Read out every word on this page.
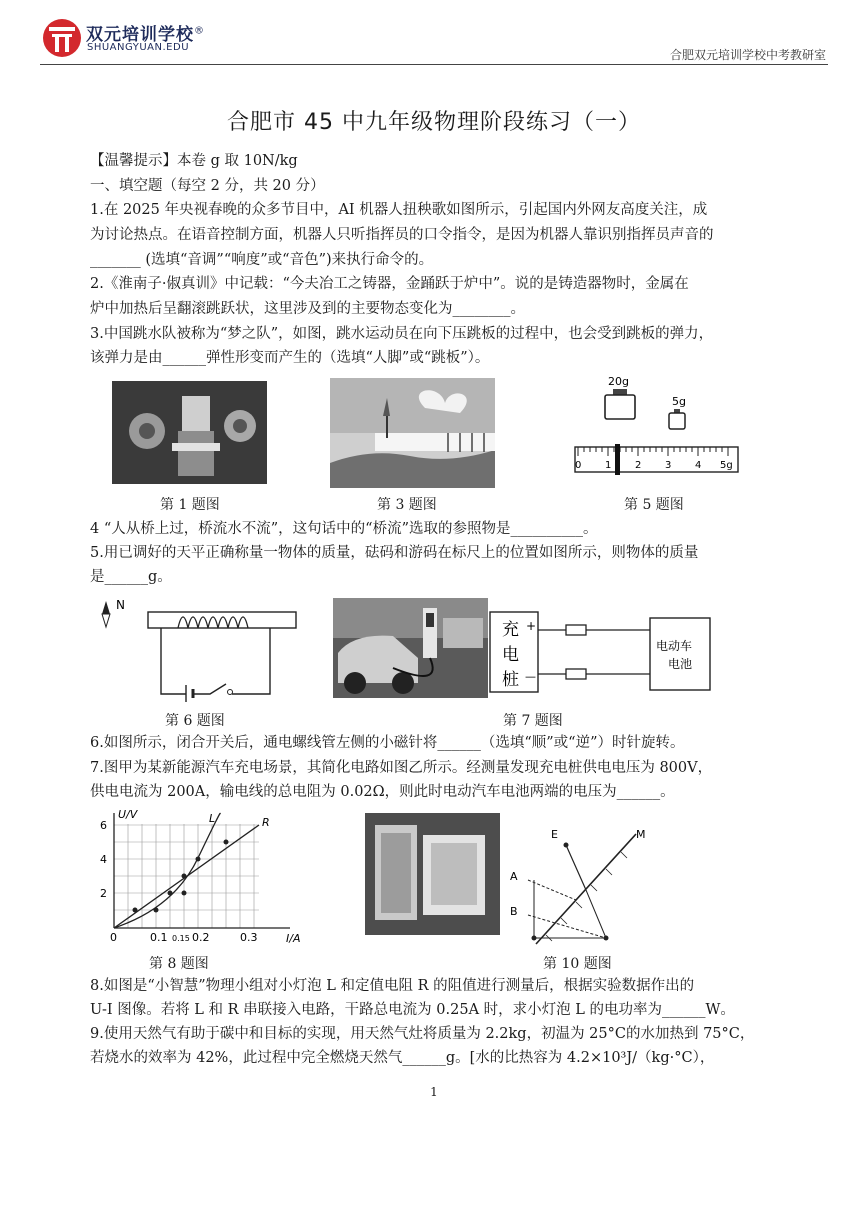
双元培训学校®
SHUANGYUAN.EDU
合肥双元培训学校中考教研室
合肥市 45 中九年级物理阶段练习（一）
【温馨提示】本卷 g 取 10N/kg
一、填空题（每空 2 分，共 20 分）
1.在 2025 年央视春晚的众多节目中，AI 机器人扭秧歌如图所示，引起国内外网友高度关注，成
为讨论热点。在语音控制方面，机器人只听指挥员的口令指令，是因为机器人靠识别指挥员声音的
_______ (选填“音调”“响度”或“音色”)来执行命令的。
2.《淮南子·俶真训》中记载：“今夫冶工之铸器，金踊跃于炉中”。说的是铸造器物时，金属在
炉中加热后呈翻滚跳跃状，这里涉及到的主要物态变化为________。
3.中国跳水队被称为“梦之队”，如图，跳水运动员在向下压跳板的过程中，也会受到跳板的弹力，
该弹力是由______弹性形变而产生的（选填“人脚”或“跳板”）。
20g
5g
0 1 2 3 4 5g
第 1 题图	第 3 题图	第 5 题图
4 “人从桥上过，桥流水不流”，这句话中的“桥流”选取的参照物是__________。
5.用已调好的天平正确称量一物体的质量，砝码和游码在标尺上的位置如图所示，则物体的质量
是______g。
N
充
电
桩
+
—
电动车
电池
第 6 题图	第 7 题图
6.如图所示，闭合开关后，通电螺线管左侧的小磁针将______（选填“顺”或“逆”）时针旋转。
7.图甲为某新能源汽车充电场景，其简化电路如图乙所示。经测量发现充电桩供电电压为 800V，
供电电流为 200A，输电线的总电阻为 0.02Ω，则此时电动汽车电池两端的电压为______。
U/V
I/A
2
4
6
0	0.1 0.15 0.2	0.3
L	R
E	M
A
B
第 8 题图	第 10 题图
8.如图是“小智慧”物理小组对小灯泡 L 和定值电阻 R 的阻值进行测量后，根据实验数据作出的
U-I 图像。若将 L 和 R 串联接入电路，干路总电流为 0.25A 时，求小灯泡 L 的电功率为______W。
9.使用天然气有助于碳中和目标的实现，用天然气灶将质量为 2.2kg，初温为 25°C的水加热到 75°C，
若烧水的效率为 42%，此过程中完全燃烧天然气______g。[水的比热容为 4.2×10³J/（kg·°C），
1
